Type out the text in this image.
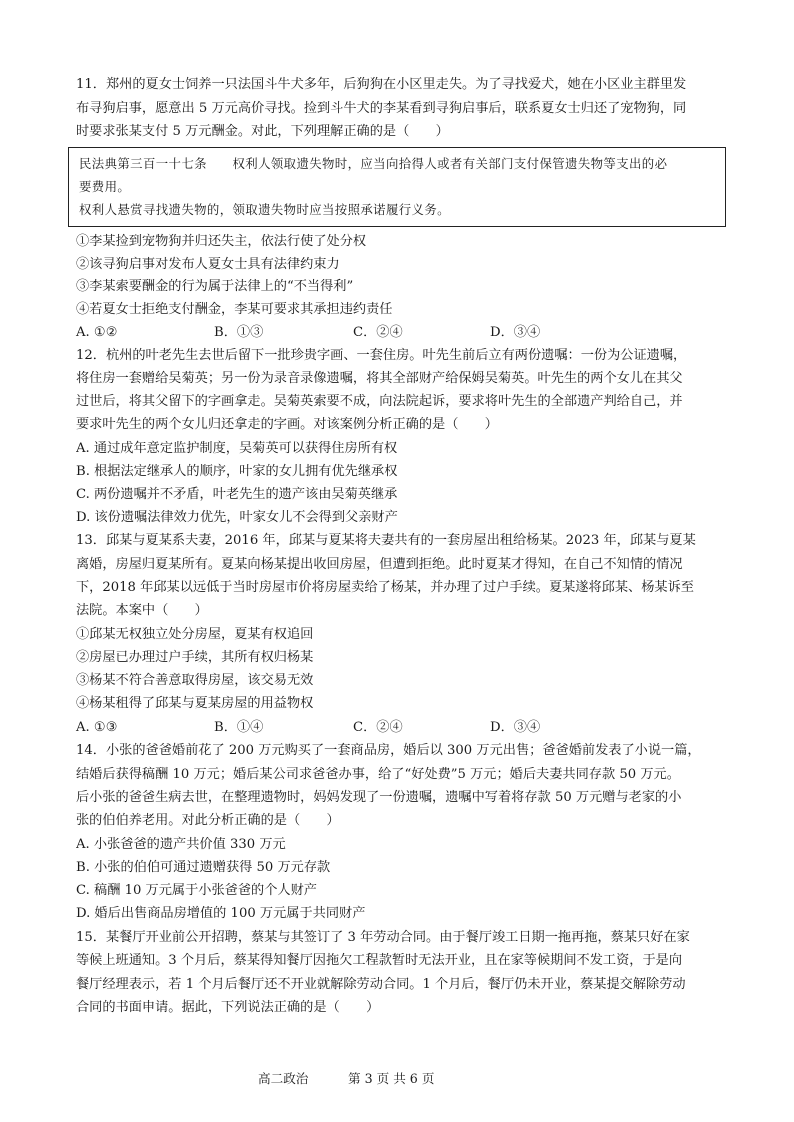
11．郑州的夏女士饲养一只法国斗牛犬多年，后狗狗在小区里走失。为了寻找爱犬，她在小区业主群里发
布寻狗启事，愿意出 5 万元高价寻找。捡到斗牛犬的李某看到寻狗启事后，联系夏女士归还了宠物狗，同
时要求张某支付 5 万元酬金。对此，下列理解正确的是（　　）
民法典第三百一十七条　　权利人领取遗失物时，应当向拾得人或者有关部门支付保管遗失物等支出的必
要费用。
权利人悬赏寻找遗失物的，领取遗失物时应当按照承诺履行义务。
①李某捡到宠物狗并归还失主，依法行使了处分权
②该寻狗启事对发布人夏女士具有法律约束力
③李某索要酬金的行为属于法律上的“不当得利”
④若夏女士拒绝支付酬金，李某可要求其承担违约责任
A. ①②	B．①③	C．②④	D．③④
12．杭州的叶老先生去世后留下一批珍贵字画、一套住房。叶先生前后立有两份遗嘱：一份为公证遗嘱，
将住房一套赠给吴菊英；另一份为录音录像遗嘱，将其全部财产给保姆吴菊英。叶先生的两个女儿在其父
过世后，将其父留下的字画拿走。吴菊英索要不成，向法院起诉，要求将叶先生的全部遗产判给自己，并
要求叶先生的两个女儿归还拿走的字画。对该案例分析正确的是（　　）
A. 通过成年意定监护制度，吴菊英可以获得住房所有权
B. 根据法定继承人的顺序，叶家的女儿拥有优先继承权
C. 两份遗嘱并不矛盾，叶老先生的遗产该由吴菊英继承
D. 该份遗嘱法律效力优先，叶家女儿不会得到父亲财产
13．邱某与夏某系夫妻，2016 年，邱某与夏某将夫妻共有的一套房屋出租给杨某。2023 年，邱某与夏某
离婚，房屋归夏某所有。夏某向杨某提出收回房屋，但遭到拒绝。此时夏某才得知，在自己不知情的情况
下，2018 年邱某以远低于当时房屋市价将房屋卖给了杨某，并办理了过户手续。夏某遂将邱某、杨某诉至
法院。本案中（　　）
①邱某无权独立处分房屋，夏某有权追回
②房屋已办理过户手续，其所有权归杨某
③杨某不符合善意取得房屋，该交易无效
④杨某租得了邱某与夏某房屋的用益物权
A. ①③	B．①④	C．②④	D．③④
14．小张的爸爸婚前花了 200 万元购买了一套商品房，婚后以 300 万元出售；爸爸婚前发表了小说一篇，
结婚后获得稿酬 10 万元；婚后某公司求爸爸办事，给了“好处费”5 万元；婚后夫妻共同存款 50 万元。
后小张的爸爸生病去世，在整理遗物时，妈妈发现了一份遗嘱，遗嘱中写着将存款 50 万元赠与老家的小
张的伯伯养老用。对此分析正确的是（　　）
A. 小张爸爸的遗产共价值 330 万元
B. 小张的伯伯可通过遗赠获得 50 万元存款
C. 稿酬 10 万元属于小张爸爸的个人财产
D. 婚后出售商品房增值的 100 万元属于共同财产
15．某餐厅开业前公开招聘，蔡某与其签订了 3 年劳动合同。由于餐厅竣工日期一拖再拖，蔡某只好在家
等候上班通知。3 个月后，蔡某得知餐厅因拖欠工程款暂时无法开业，且在家等候期间不发工资，于是向
餐厅经理表示，若 1 个月后餐厅还不开业就解除劳动合同。1 个月后，餐厅仍未开业，蔡某提交解除劳动
合同的书面申请。据此，下列说法正确的是（　　）
高二政治	第 3 页 共 6 页
